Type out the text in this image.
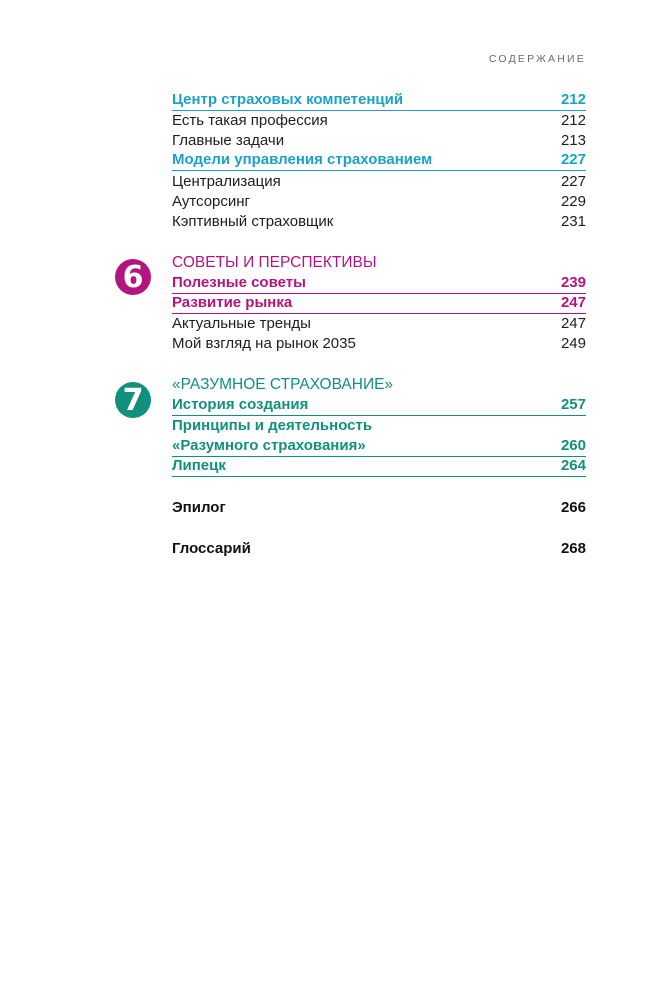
СОДЕРЖАНИЕ
Центр страховых компетенций	212
Есть такая профессия	212
Главные задачи	213
Модели управления страхованием	227
Централизация	227
Аутсорсинг	229
Кэптивный страховщик	231
СОВЕТЫ И ПЕРСПЕКТИВЫ
Полезные советы	239
Развитие рынка	247
Актуальные тренды	247
Мой взгляд на рынок 2035	249
«РАЗУМНОЕ СТРАХОВАНИЕ»
История создания	257
Принципы и деятельность
«Разумного страхования»	260
Липецк	264
Эпилог	266
Глоссарий	268
6
7
